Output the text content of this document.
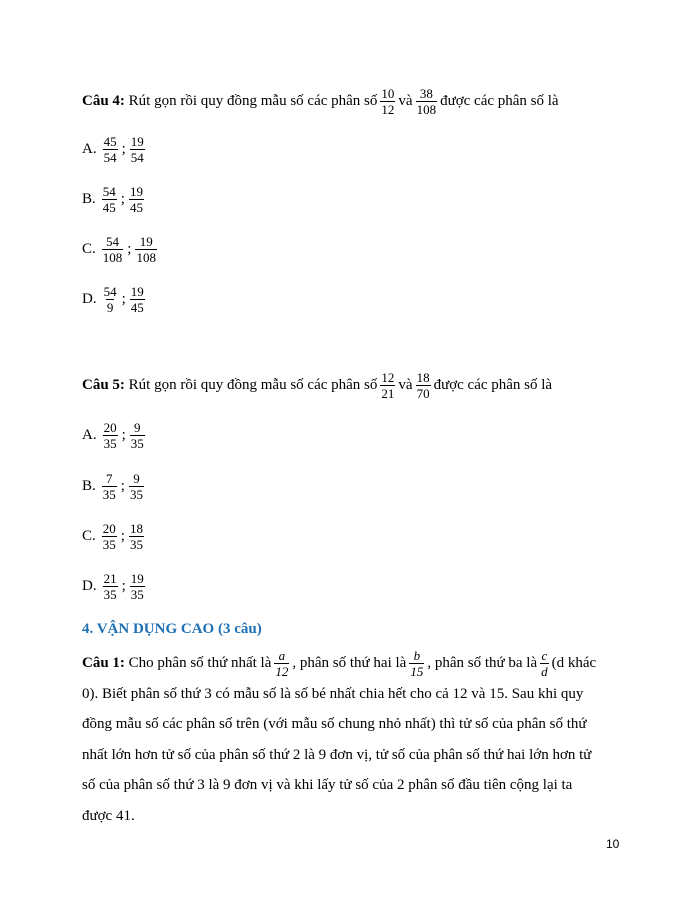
Câu 4:
Rút gọn rồi quy đồng mẫu số các phân số $\frac{10}{12}$ và $\frac{38}{108}$ được các phân số là
A. $\frac{45}{54}$ ; $\frac{19}{54}$
B. $\frac{54}{45}$ ; $\frac{19}{45}$
C. $\frac{54}{108}$ ; $\frac{19}{108}$
D. $\frac{54}{9}$ ; $\frac{19}{45}$
Câu 5:
Rút gọn rồi quy đồng mẫu số các phân số $\frac{12}{21}$ và $\frac{18}{70}$ được các phân số là
A. $\frac{20}{35}$ ; $\frac{9}{35}$
B. $\frac{7}{35}$ ; $\frac{9}{35}$
C. $\frac{20}{35}$ ; $\frac{18}{35}$
D. $\frac{21}{35}$ ; $\frac{19}{35}$
4. VẬN DỤNG CAO (3 câu)
Câu 1:
Cho phân số thứ nhất là $\frac{a}{12}$ , phân số thứ hai là $\frac{b}{15}$ , phân số thứ ba là $\frac{c}{d} (d$ khác
0). Biết phân số thứ 3 có mẫu số là số bé nhất chia hết cho cả 12 và 15. Sau khi quy
đồng mẫu số các phân số trên (với mẫu số chung nhỏ nhất) thì tử số của phân số thứ
nhất lớn hơn tử số của phân số thứ 2 là 9 đơn vị, tử số của phân số thứ hai lớn hơn tử
số của phân số thứ 3 là 9 đơn vị và khi lấy tử số của 2 phân số đầu tiên cộng lại ta
được 41.
10
